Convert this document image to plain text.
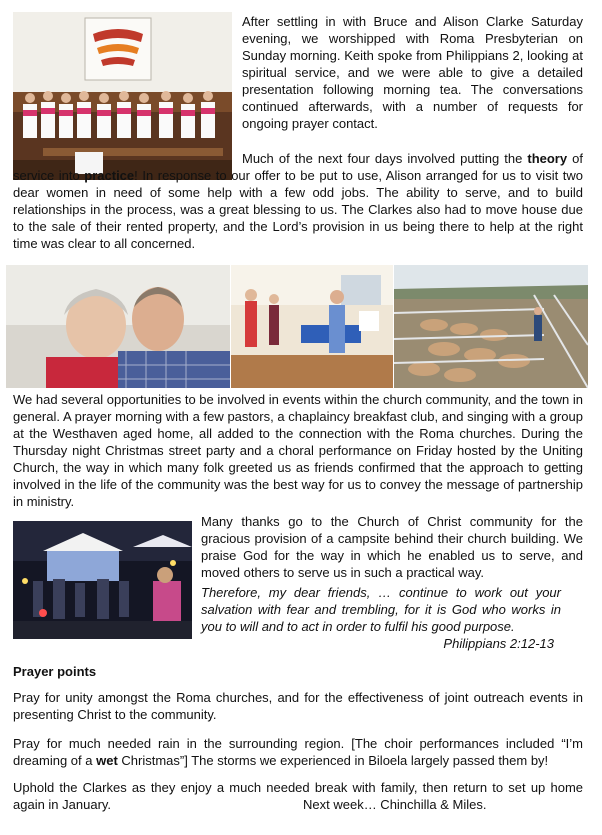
After settling in with Bruce and Alison Clarke Saturday evening, we worshipped with Roma Presbyterian on Sunday morning. Keith spoke from Philippians 2, looking at spiritual service, and we were able to give a detailed presentation following morning tea. The conversations continued afterwards, with a number of requests for ongoing prayer contact.

Much of the next four days involved putting the theory of service into practice! In response to our offer to be put to use, Alison arranged for us to visit two dear women in need of some help with a few odd jobs. The ability to serve, and to build relationships in the process, was a great blessing to us. The Clarkes also had to move house due to the sale of their rented property, and the Lord’s provision in us being there to help at the right time was clear to all concerned.

We had several opportunities to be involved in events within the church community, and the town in general. A prayer morning with a few pastors, a chaplaincy breakfast club, and singing with a group at the Westhaven aged home, all added to the connection with the Roma churches. During the Thursday night Christmas street party and a choral performance on Friday hosted by the Uniting Church, the way in which many folk greeted us as friends confirmed that the approach to getting involved in the life of the community was the best way for us to convey the message of partnership in ministry.

Many thanks go to the Church of Christ community for the gracious provision of a campsite behind their church building. We praise God for the way in which he enabled us to serve, and moved others to serve us in such a practical way.

Therefore, my dear friends, … continue to work out your salvation with fear and trembling, for it is God who works in you to will and to act in order to fulfil his good purpose.

Philippians 2:12-13

Prayer points

Pray for unity amongst the Roma churches, and for the effectiveness of joint outreach events in presenting Christ to the community.

Pray for much needed rain in the surrounding region. [The choir performances included “I’m dreaming of a wet Christmas”] The storms we experienced in Biloela largely passed them by!

Uphold the Clarkes as they enjoy a much needed break with family, then return to set up home again in January.	Next week… Chinchilla & Miles.
